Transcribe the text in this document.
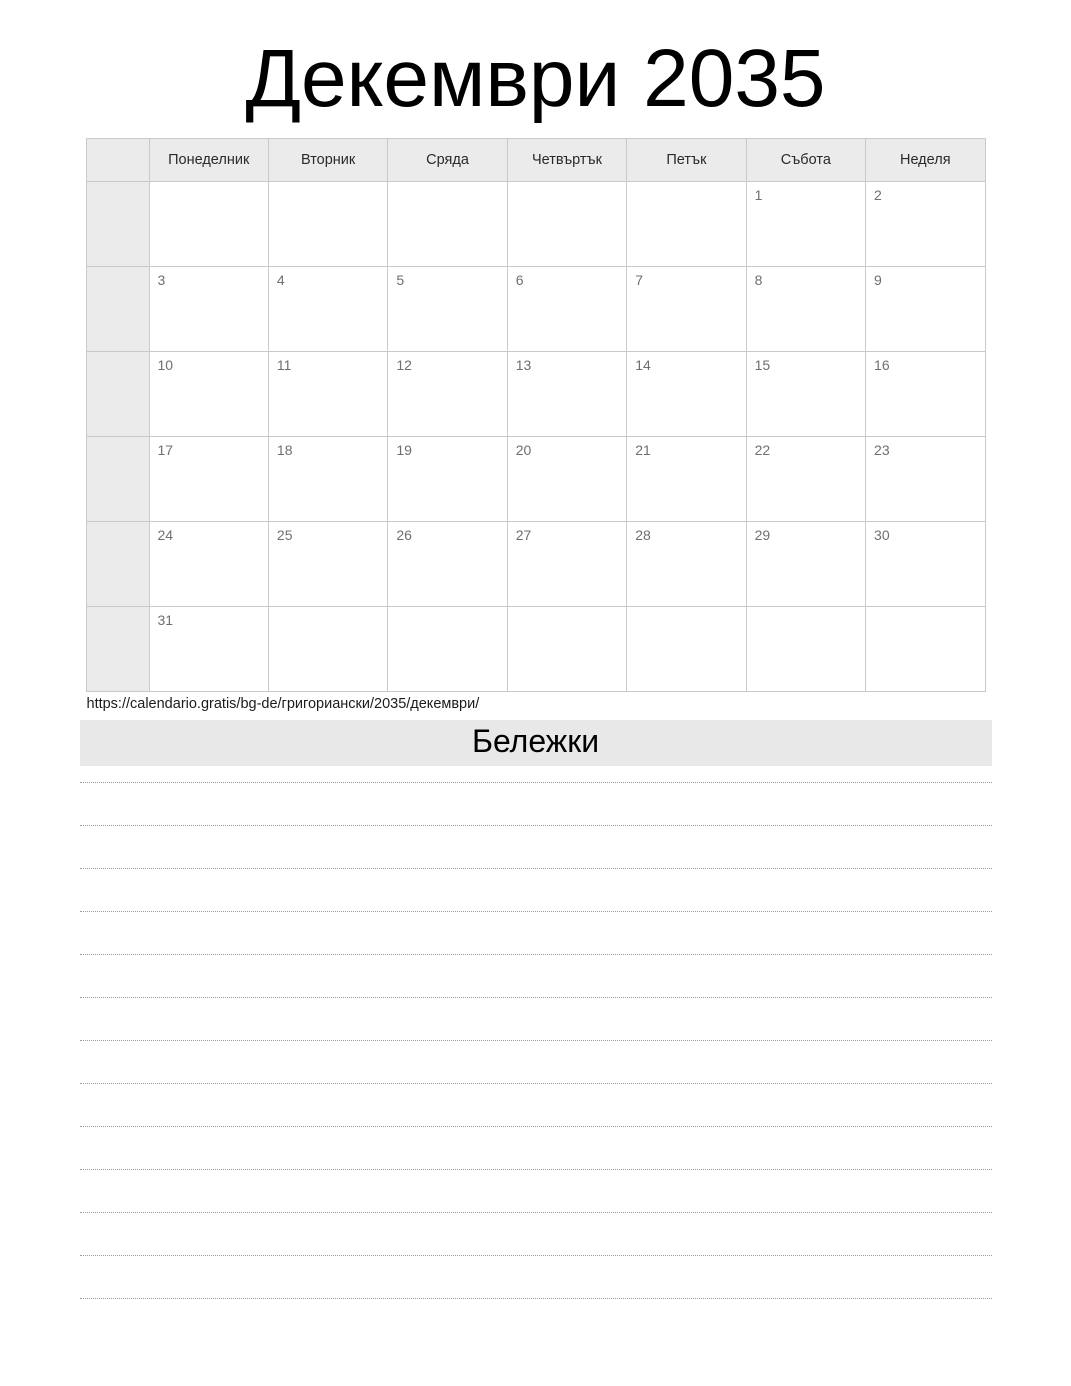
Декември 2035
	Понеделник	Вторник	Сряда	Четвъртък	Петък	Събота	Неделя

						1	2

	3	4	5	6	7	8	9

	10	11	12	13	14	15	16

	17	18	19	20	21	22	23

	24	25	26	27	28	29	30

	31						

https://calendario.gratis/bg-de/григориански/2035/декември/
Бележки
